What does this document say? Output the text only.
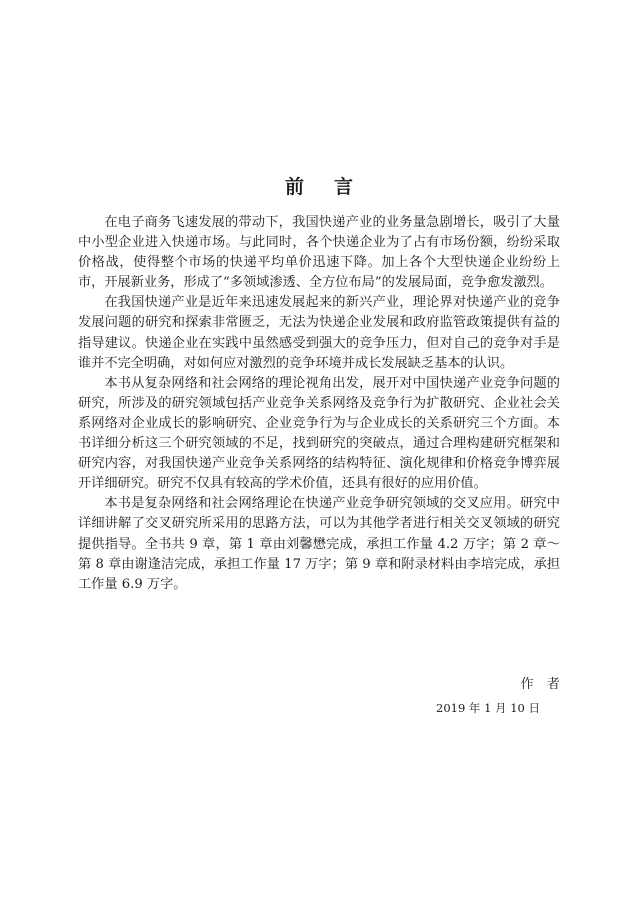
前 言

在电子商务飞速发展的带动下，我国快递产业的业务量急剧增长，吸引了大量中小型企业进入快递市场。与此同时，各个快递企业为了占有市场份额，纷纷采取价格战，使得整个市场的快递平均单价迅速下降。加上各个大型快递企业纷纷上市，开展新业务，形成了“多领域渗透、全方位布局”的发展局面，竞争愈发激烈。

在我国快递产业是近年来迅速发展起来的新兴产业，理论界对快递产业的竞争发展问题的研究和探索非常匮乏，无法为快递企业发展和政府监管政策提供有益的指导建议。快递企业在实践中虽然感受到强大的竞争压力，但对自己的竞争对手是谁并不完全明确，对如何应对激烈的竞争环境并成长发展缺乏基本的认识。

本书从复杂网络和社会网络的理论视角出发，展开对中国快递产业竞争问题的研究，所涉及的研究领域包括产业竞争关系网络及竞争行为扩散研究、企业社会关系网络对企业成长的影响研究、企业竞争行为与企业成长的关系研究三个方面。本书详细分析这三个研究领域的不足，找到研究的突破点，通过合理构建研究框架和研究内容，对我国快递产业竞争关系网络的结构特征、演化规律和价格竞争博弈展开详细研究。研究不仅具有较高的学术价值，还具有很好的应用价值。

本书是复杂网络和社会网络理论在快递产业竞争研究领域的交叉应用。研究中详细讲解了交叉研究所采用的思路方法，可以为其他学者进行相关交叉领域的研究提供指导。全书共 9 章，第 1 章由刘馨懋完成，承担工作量 4.2 万字；第 2 章～第 8 章由谢逢洁完成，承担工作量 17 万字；第 9 章和附录材料由李培完成，承担工作量 6.9 万字。

作　者
2019 年 1 月 10 日
